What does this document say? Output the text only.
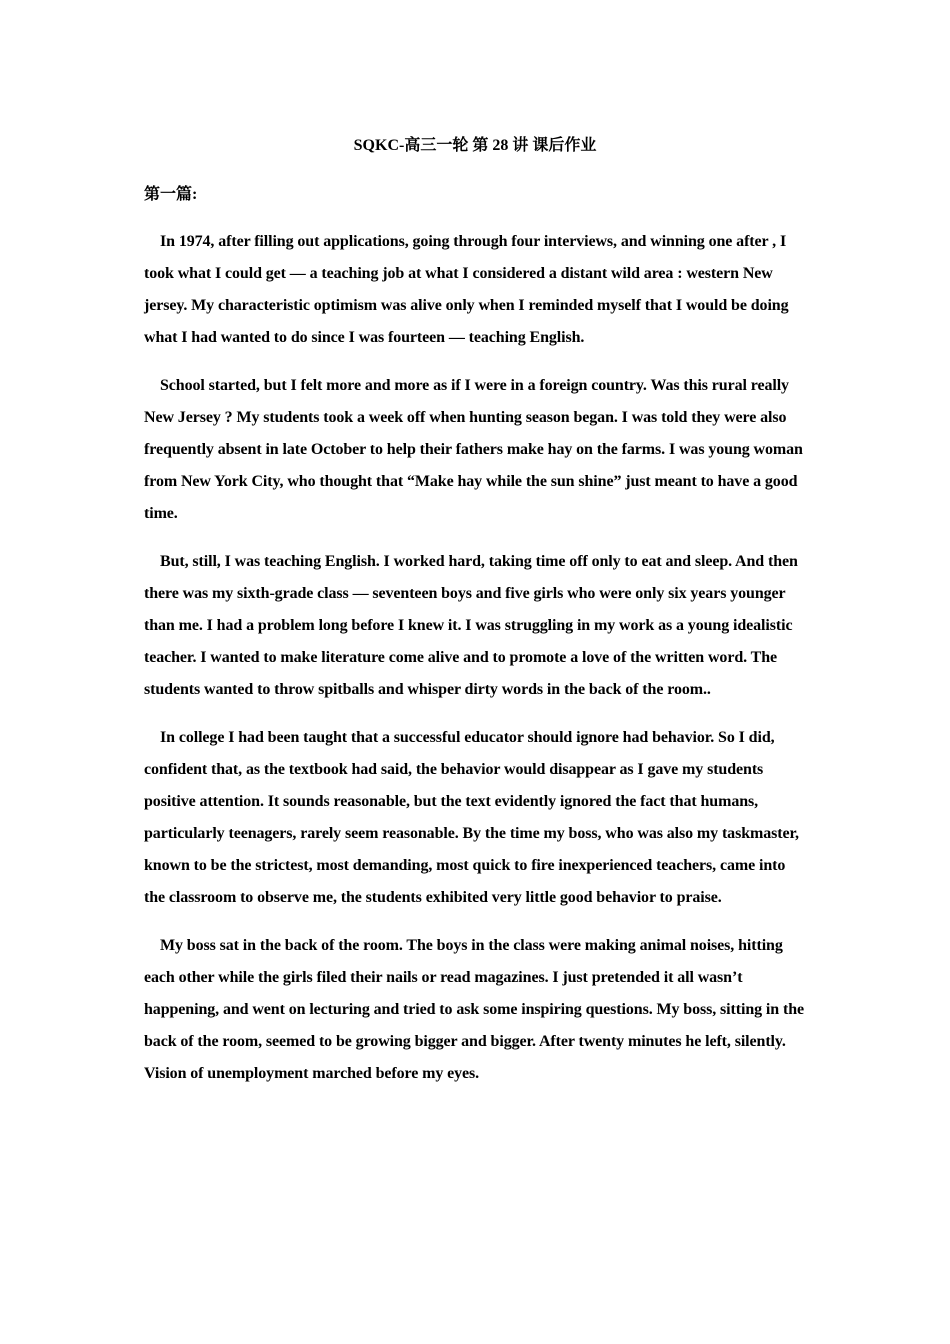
SQKC-高三一轮 第 28 讲 课后作业
第一篇:

In 1974, after filling out applications, going through four interviews, and winning one after , I took what I could get — a teaching job at what I considered a distant wild area : western New jersey. My characteristic optimism was alive only when I reminded myself that I would be doing what I had wanted to do since I was fourteen — teaching English.

School started, but I felt more and more as if I were in a foreign country. Was this rural really New Jersey ? My students took a week off when hunting season began. I was told they were also frequently absent in late October to help their fathers make hay on the farms. I was young woman from New York City, who thought that “Make hay while the sun shine” just meant to have a good time.

But, still, I was teaching English. I worked hard, taking time off only to eat and sleep. And then there was my sixth-grade class — seventeen boys and five girls who were only six years younger than me. I had a problem long before I knew it. I was struggling in my work as a young idealistic teacher. I wanted to make literature come alive and to promote a love of the written word. The students wanted to throw spitballs and whisper dirty words in the back of the room..

In college I had been taught that a successful educator should ignore had behavior. So I did, confident that, as the textbook had said, the behavior would disappear as I gave my students positive attention. It sounds reasonable, but the text evidently ignored the fact that humans, particularly teenagers, rarely seem reasonable. By the time my boss, who was also my taskmaster, known to be the strictest, most demanding, most quick to fire inexperienced teachers, came into the classroom to observe me, the students exhibited very little good behavior to praise.

My boss sat in the back of the room. The boys in the class were making animal noises, hitting each other while the girls filed their nails or read magazines. I just pretended it all wasn’t happening, and went on lecturing and tried to ask some inspiring questions. My boss, sitting in the back of the room, seemed to be growing bigger and bigger. After twenty minutes he left, silently. Vision of unemployment marched before my eyes.
